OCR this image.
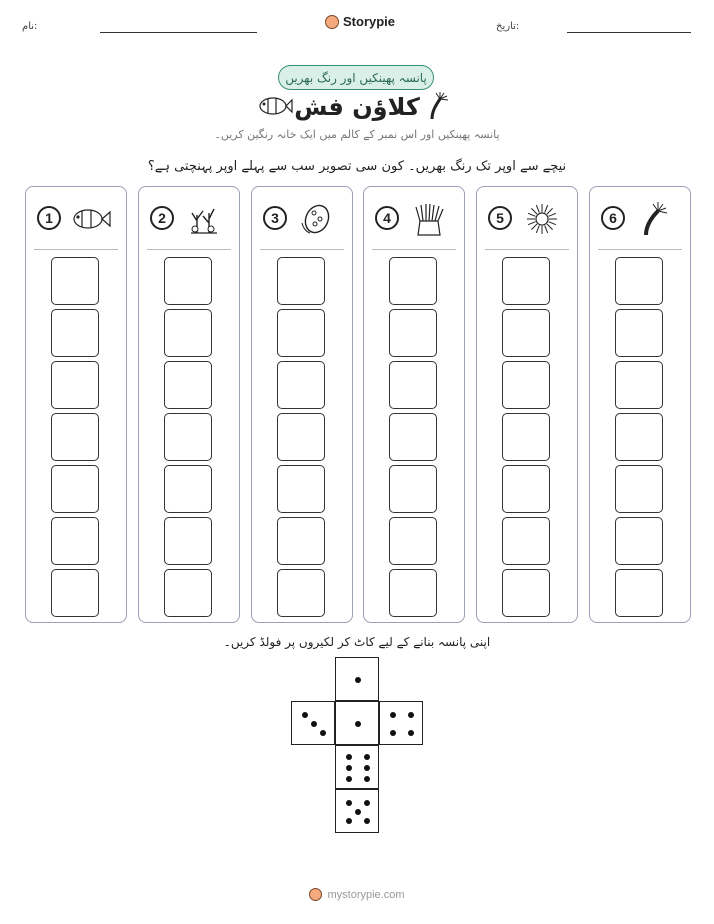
نام:	Storypie	تاریخ:
پانسہ پھینکیں اور رنگ بھریں
کلاؤن فش
پانسہ پھینکیں اور اس نمبر کے کالم میں ایک خانہ رنگین کریں۔
نیچے سے اوپر تک رنگ بھریں۔ کون سی تصویر سب سے پہلے اوپر پہنچتی ہے؟
1	2	3	4	5	6
اپنی پانسہ بنانے کے لیے کاٹ کر لکیروں پر فولڈ کریں۔
mystorypie.com
